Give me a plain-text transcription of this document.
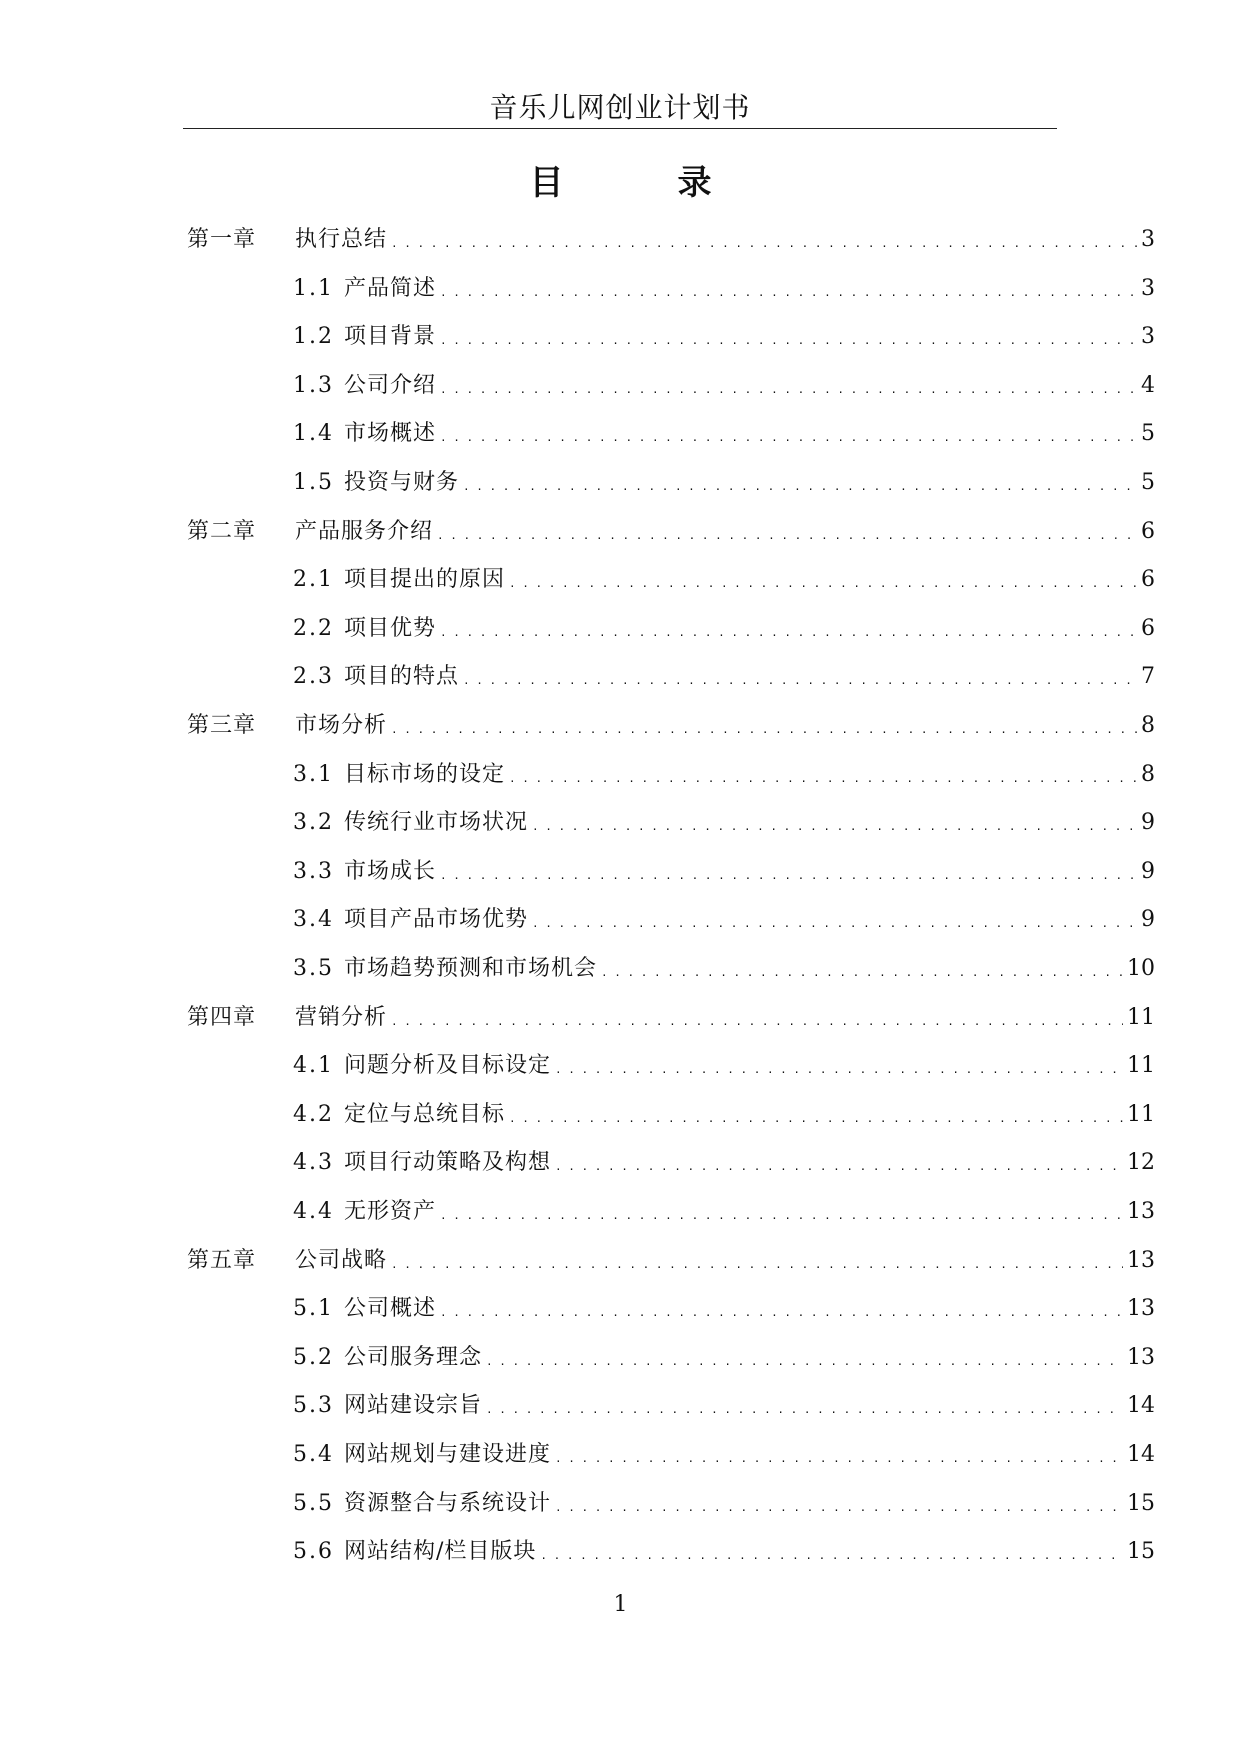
音乐儿网创业计划书
目　录
第一章	执行总结 . . .	3
1.1 产品简述 . . .	3
1.2 项目背景 . . .	3
1.3 公司介绍 . . .	4
1.4 市场概述 . . .	5
1.5 投资与财务 . . .	5
第二章	产品服务介绍 . . .	6
2.1 项目提出的原因 . . .	6
2.2 项目优势 . . .	6
2.3 项目的特点 . . .	7
第三章	市场分析 . . .	8
3.1 目标市场的设定 . . .	8
3.2 传统行业市场状况 . . .	9
3.3 市场成长 . . .	9
3.4 项目产品市场优势 . . .	9
3.5 市场趋势预测和市场机会 . . .	10
第四章	营销分析 . . .	11
4.1 问题分析及目标设定 . . .	11
4.2 定位与总统目标 . . .	11
4.3 项目行动策略及构想 . . .	12
4.4 无形资产 . . .	13
第五章	公司战略 . . .	13
5.1 公司概述 . . .	13
5.2 公司服务理念 . . .	13
5.3 网站建设宗旨 . . .	14
5.4 网站规划与建设进度 . . .	14
5.5 资源整合与系统设计 . . .	15
5.6 网站结构/栏目版块 . . .	15
1
